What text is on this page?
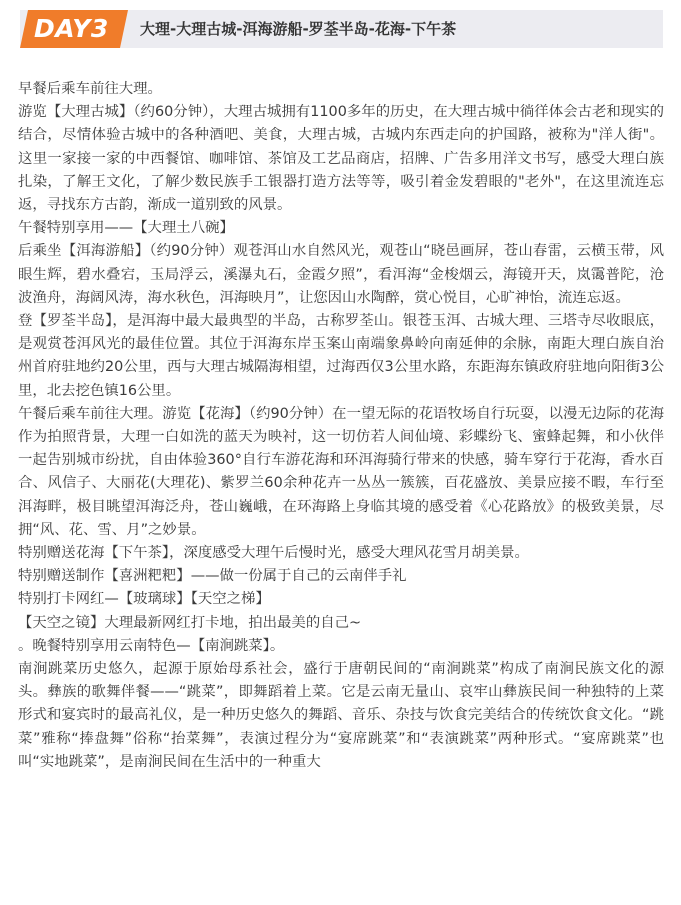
DAY3 大理-大理古城-洱海游船-罗荃半岛-花海-下午茶

早餐后乘车前往大理。

游览【大理古城】（约60分钟），大理古城拥有1100多年的历史，在大理古城中徜徉体会古老和现实的结合，尽情体验古城中的各种酒吧、美食，大理古城，古城内东西走向的护国路，被称为"洋人街"。这里一家接一家的中西餐馆、咖啡馆、茶馆及工艺品商店，招牌、广告多用洋文书写，感受大理白族扎染，了解王文化，了解少数民族手工银器打造方法等等，吸引着金发碧眼的"老外"，在这里流连忘返，寻找东方古韵，渐成一道别致的风景。

午餐特别享用——【大理土八碗】

后乘坐【洱海游船】（约90分钟）观苍洱山水自然风光，观苍山“晓邑画屏，苍山春雷，云横玉带，风眼生辉，碧水叠宕，玉局浮云，溪瀑丸石，金霞夕照”，看洱海“金梭烟云，海镜开天，岚霭普陀，沧波渔舟，海阔风涛，海水秋色，洱海映月”，让您因山水陶醉，赏心悦目，心旷神怡，流连忘返。

登【罗荃半岛】，是洱海中最大最典型的半岛，古称罗荃山。银苍玉洱、古城大理、三塔寺尽收眼底，是观赏苍洱风光的最佳位置。其位于洱海东岸玉案山南端象鼻岭向南延伸的余脉，南距大理白族自治州首府驻地约20公里，西与大理古城隔海相望，过海西仅3公里水路，东距海东镇政府驻地向阳街3公里，北去挖色镇16公里。

午餐后乘车前往大理。游览【花海】（约90分钟）在一望无际的花语牧场自行玩耍，以漫无边际的花海作为拍照背景，大理一白如洗的蓝天为映衬，这一切仿若人间仙境、彩蝶纷飞、蜜蜂起舞，和小伙伴一起告别城市纷扰，自由体验360°自行车游花海和环洱海骑行带来的快感，骑车穿行于花海，香水百合、风信子、大丽花(大理花)、紫罗兰60余种花卉一丛丛一簇簇，百花盛放、美景应接不暇，车行至洱海畔，极目眺望洱海泛舟，苍山巍峨，在环海路上身临其境的感受着《心花路放》的极致美景，尽拥“风、花、雪、月”之妙景。

特别赠送花海【下午茶】，深度感受大理午后慢时光，感受大理风花雪月胡美景。

特别赠送制作【喜洲粑粑】——做一份属于自己的云南伴手礼

特别打卡网红—【玻璃球】【天空之梯】

【天空之镜】大理最新网红打卡地，拍出最美的自己~

。晚餐特别享用云南特色—【南涧跳菜】。

南涧跳菜历史悠久，起源于原始母系社会，盛行于唐朝民间的“南涧跳菜”构成了南涧民族文化的源头。彝族的歌舞伴餐——“跳菜”，即舞蹈着上菜。它是云南无量山、哀牢山彝族民间一种独特的上菜形式和宴宾时的最高礼仪，是一种历史悠久的舞蹈、音乐、杂技与饮食完美结合的传统饮食文化。“跳菜”雅称“捧盘舞”俗称“抬菜舞”，表演过程分为“宴席跳菜”和“表演跳菜”两种形式。“宴席跳菜”也叫“实地跳菜”，是南涧民间在生活中的一种重大
